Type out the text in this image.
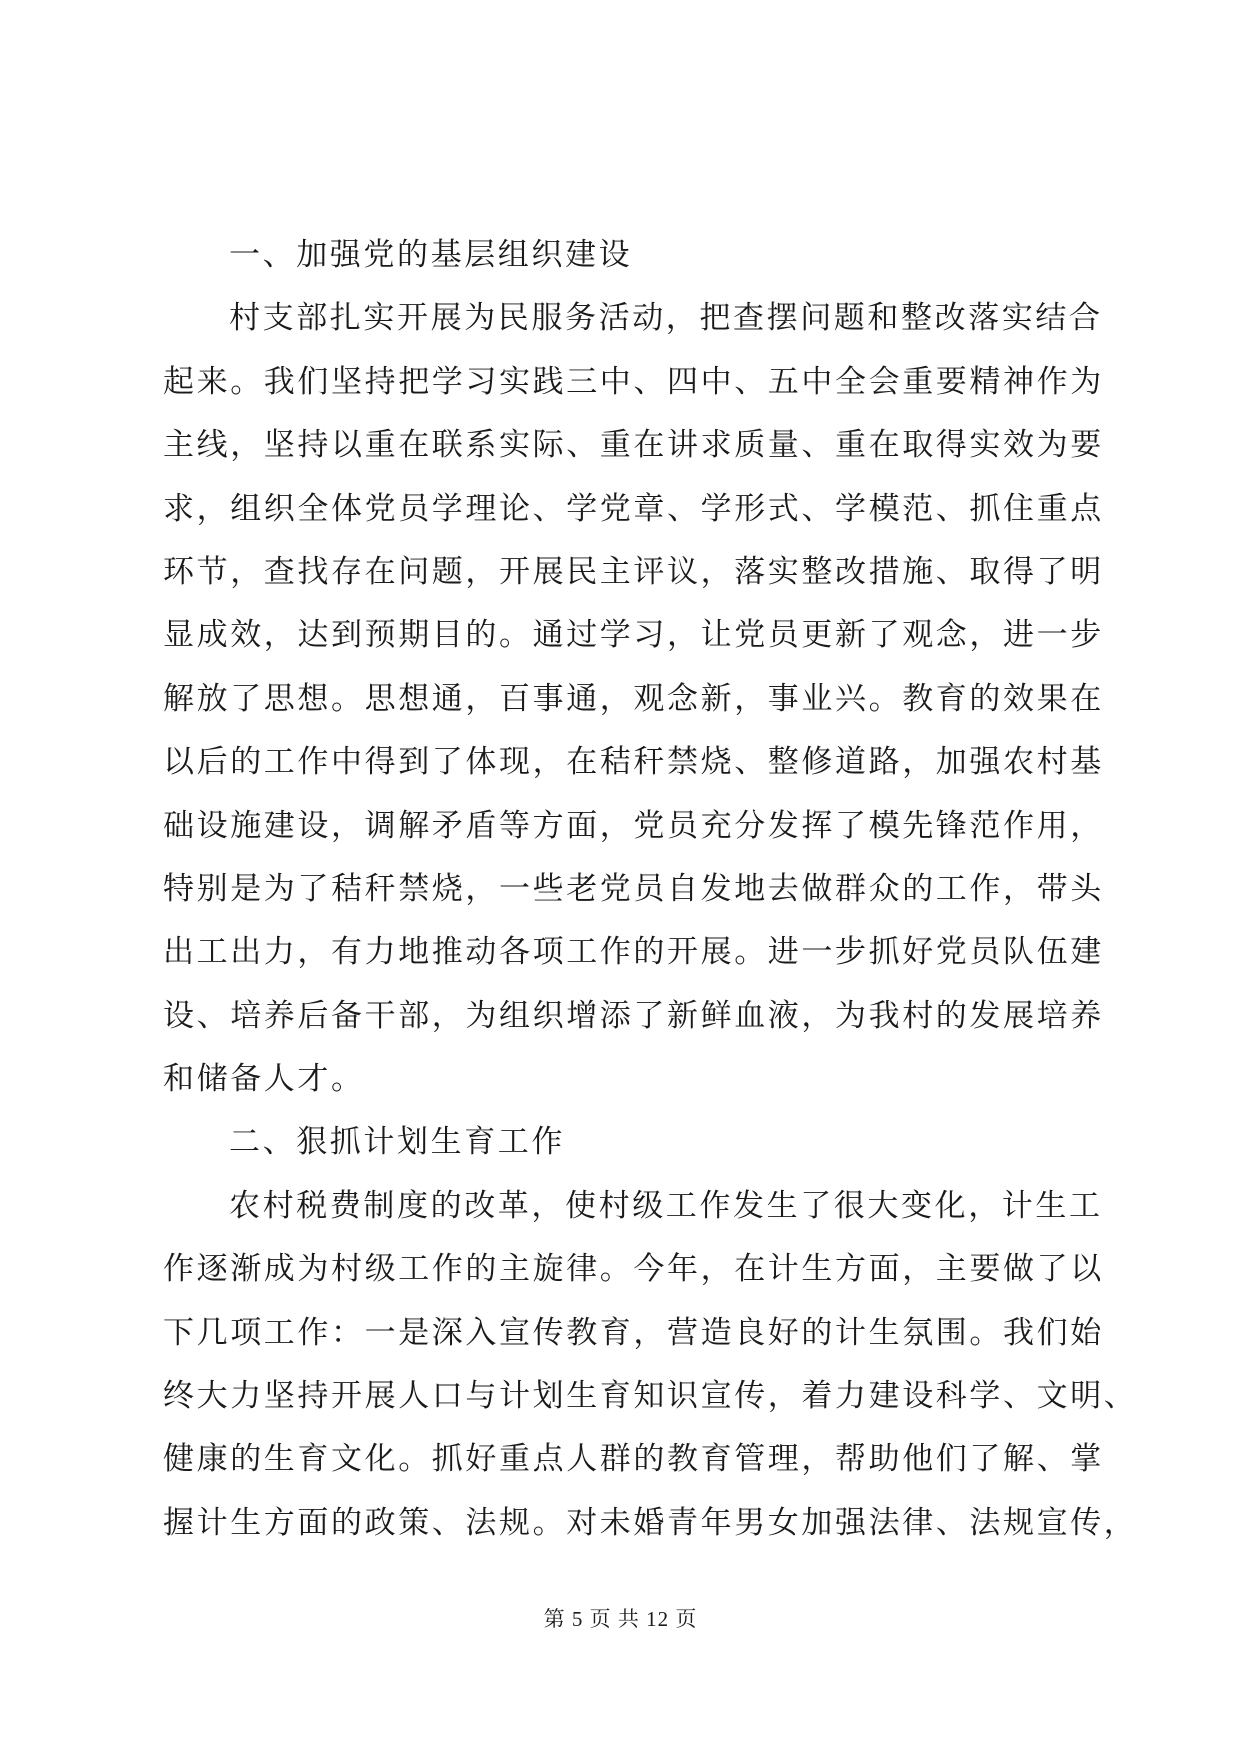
一、加强党的基层组织建设
村支部扎实开展为民服务活动，把查摆问题和整改落实结合
起来。我们坚持把学习实践三中、四中、五中全会重要精神作为
主线，坚持以重在联系实际、重在讲求质量、重在取得实效为要
求，组织全体党员学理论、学党章、学形式、学模范、抓住重点
环节，查找存在问题，开展民主评议，落实整改措施、取得了明
显成效，达到预期目的。通过学习，让党员更新了观念，进一步
解放了思想。思想通，百事通，观念新，事业兴。教育的效果在
以后的工作中得到了体现，在秸秆禁烧、整修道路，加强农村基
础设施建设，调解矛盾等方面，党员充分发挥了模先锋范作用，
特别是为了秸秆禁烧，一些老党员自发地去做群众的工作，带头
出工出力，有力地推动各项工作的开展。进一步抓好党员队伍建
设、培养后备干部，为组织增添了新鲜血液，为我村的发展培养
和储备人才。
二、狠抓计划生育工作
农村税费制度的改革，使村级工作发生了很大变化，计生工
作逐渐成为村级工作的主旋律。今年，在计生方面，主要做了以
下几项工作：一是深入宣传教育，营造良好的计生氛围。我们始
终大力坚持开展人口与计划生育知识宣传，着力建设科学、文明、
健康的生育文化。抓好重点人群的教育管理，帮助他们了解、掌
握计生方面的政策、法规。对未婚青年男女加强法律、法规宣传，
第 5 页 共 12 页
